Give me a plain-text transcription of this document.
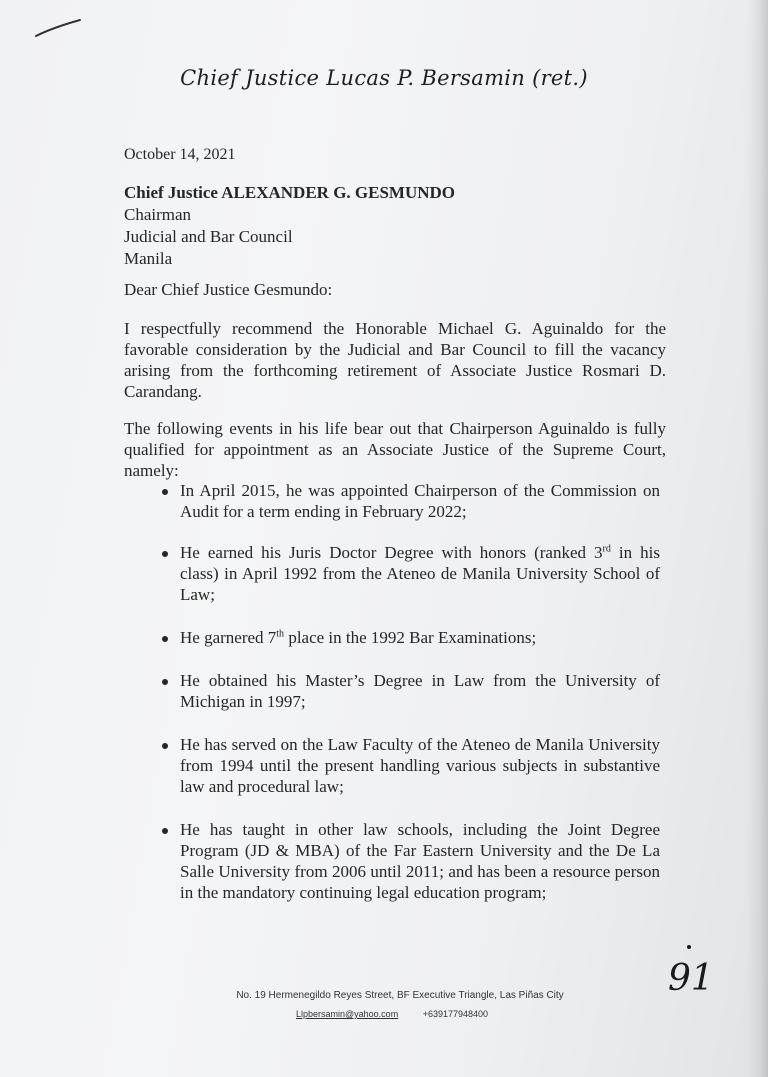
Chief Justice Lucas P. Bersamin (ret.)
October 14, 2021
Chief Justice ALEXANDER G. GESMUNDO
Chairman
Judicial and Bar Council
Manila
Dear Chief Justice Gesmundo:
I respectfully recommend the Honorable Michael G. Aguinaldo for the favorable consideration by the Judicial and Bar Council to fill the vacancy arising from the forthcoming retirement of Associate Justice Rosmari D. Carandang.
The following events in his life bear out that Chairperson Aguinaldo is fully qualified for appointment as an Associate Justice of the Supreme Court, namely:
In April 2015, he was appointed Chairperson of the Commission on Audit for a term ending in February 2022;
He earned his Juris Doctor Degree with honors (ranked 3rd in his class) in April 1992 from the Ateneo de Manila University School of Law;
He garnered 7th place in the 1992 Bar Examinations;
He obtained his Master’s Degree in Law from the University of Michigan in 1997;
He has served on the Law Faculty of the Ateneo de Manila University from 1994 until the present handling various subjects in substantive law and procedural law;
He has taught in other law schools, including the Joint Degree Program (JD & MBA) of the Far Eastern University and the De La Salle University from 2006 until 2011; and has been a resource person in the mandatory continuing legal education program;
91
No. 19 Hermenegildo Reyes Street, BF Executive Triangle, Las Piñas City
Llpbersamin@yahoo.com	+639177948400
